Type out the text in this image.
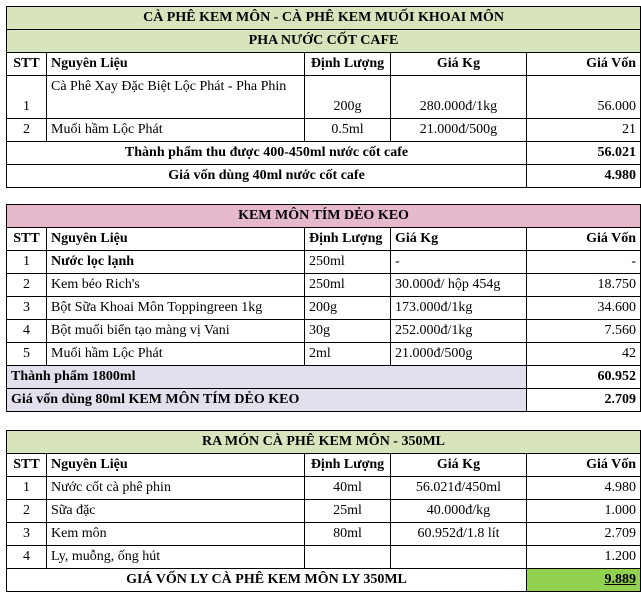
CÀ PHÊ KEM MÔN - CÀ PHÊ KEM MUỐI KHOAI MÔN				
PHA NƯỚC CỐT CAFE				
STT	Nguyên Liệu	Định Lượng	Giá Kg	Giá Vốn
1	Cà Phê Xay Đặc Biệt Lộc Phát - Pha Phin	200g	280.000đ/1kg	56.000
2	Muối hầm Lộc Phát	0.5ml	21.000đ/500g	21
Thành phẩm thu được 400-450ml nước cốt cafe				56.021
Giá vốn dùng 40ml nước cốt cafe				4.980
KEM MÔN TÍM DẺO KEO				
STT	Nguyên Liệu	Định Lượng	Giá Kg	Giá Vốn
1	Nước lọc lạnh	250ml	-	-
2	Kem béo Rich's	250ml	30.000đ/ hộp 454g	18.750
3	Bột Sữa Khoai Môn Toppingreen 1kg	200g	173.000đ/1kg	34.600
4	Bột muối biển tạo màng vị Vani	30g	252.000đ/1kg	7.560
5	Muối hầm Lộc Phát	2ml	21.000đ/500g	42
Thành phẩm 1800ml				60.952
Giá vốn dùng 80ml KEM MÔN TÍM DẺO KEO				2.709
RA MÓN CÀ PHÊ KEM MÔN - 350ML				
STT	Nguyên Liệu	Định Lượng	Giá Kg	Giá Vốn
1	Nước cốt cà phê phin	40ml	56.021đ/450ml	4.980
2	Sữa đặc	25ml	40.000đ/kg	1.000
3	Kem môn	80ml	60.952đ/1.8 lít	2.709
4	Ly, muỗng, ống hút			1.200
GIÁ VỐN LY CÀ PHÊ KEM MÔN LY 350ML				9.889
